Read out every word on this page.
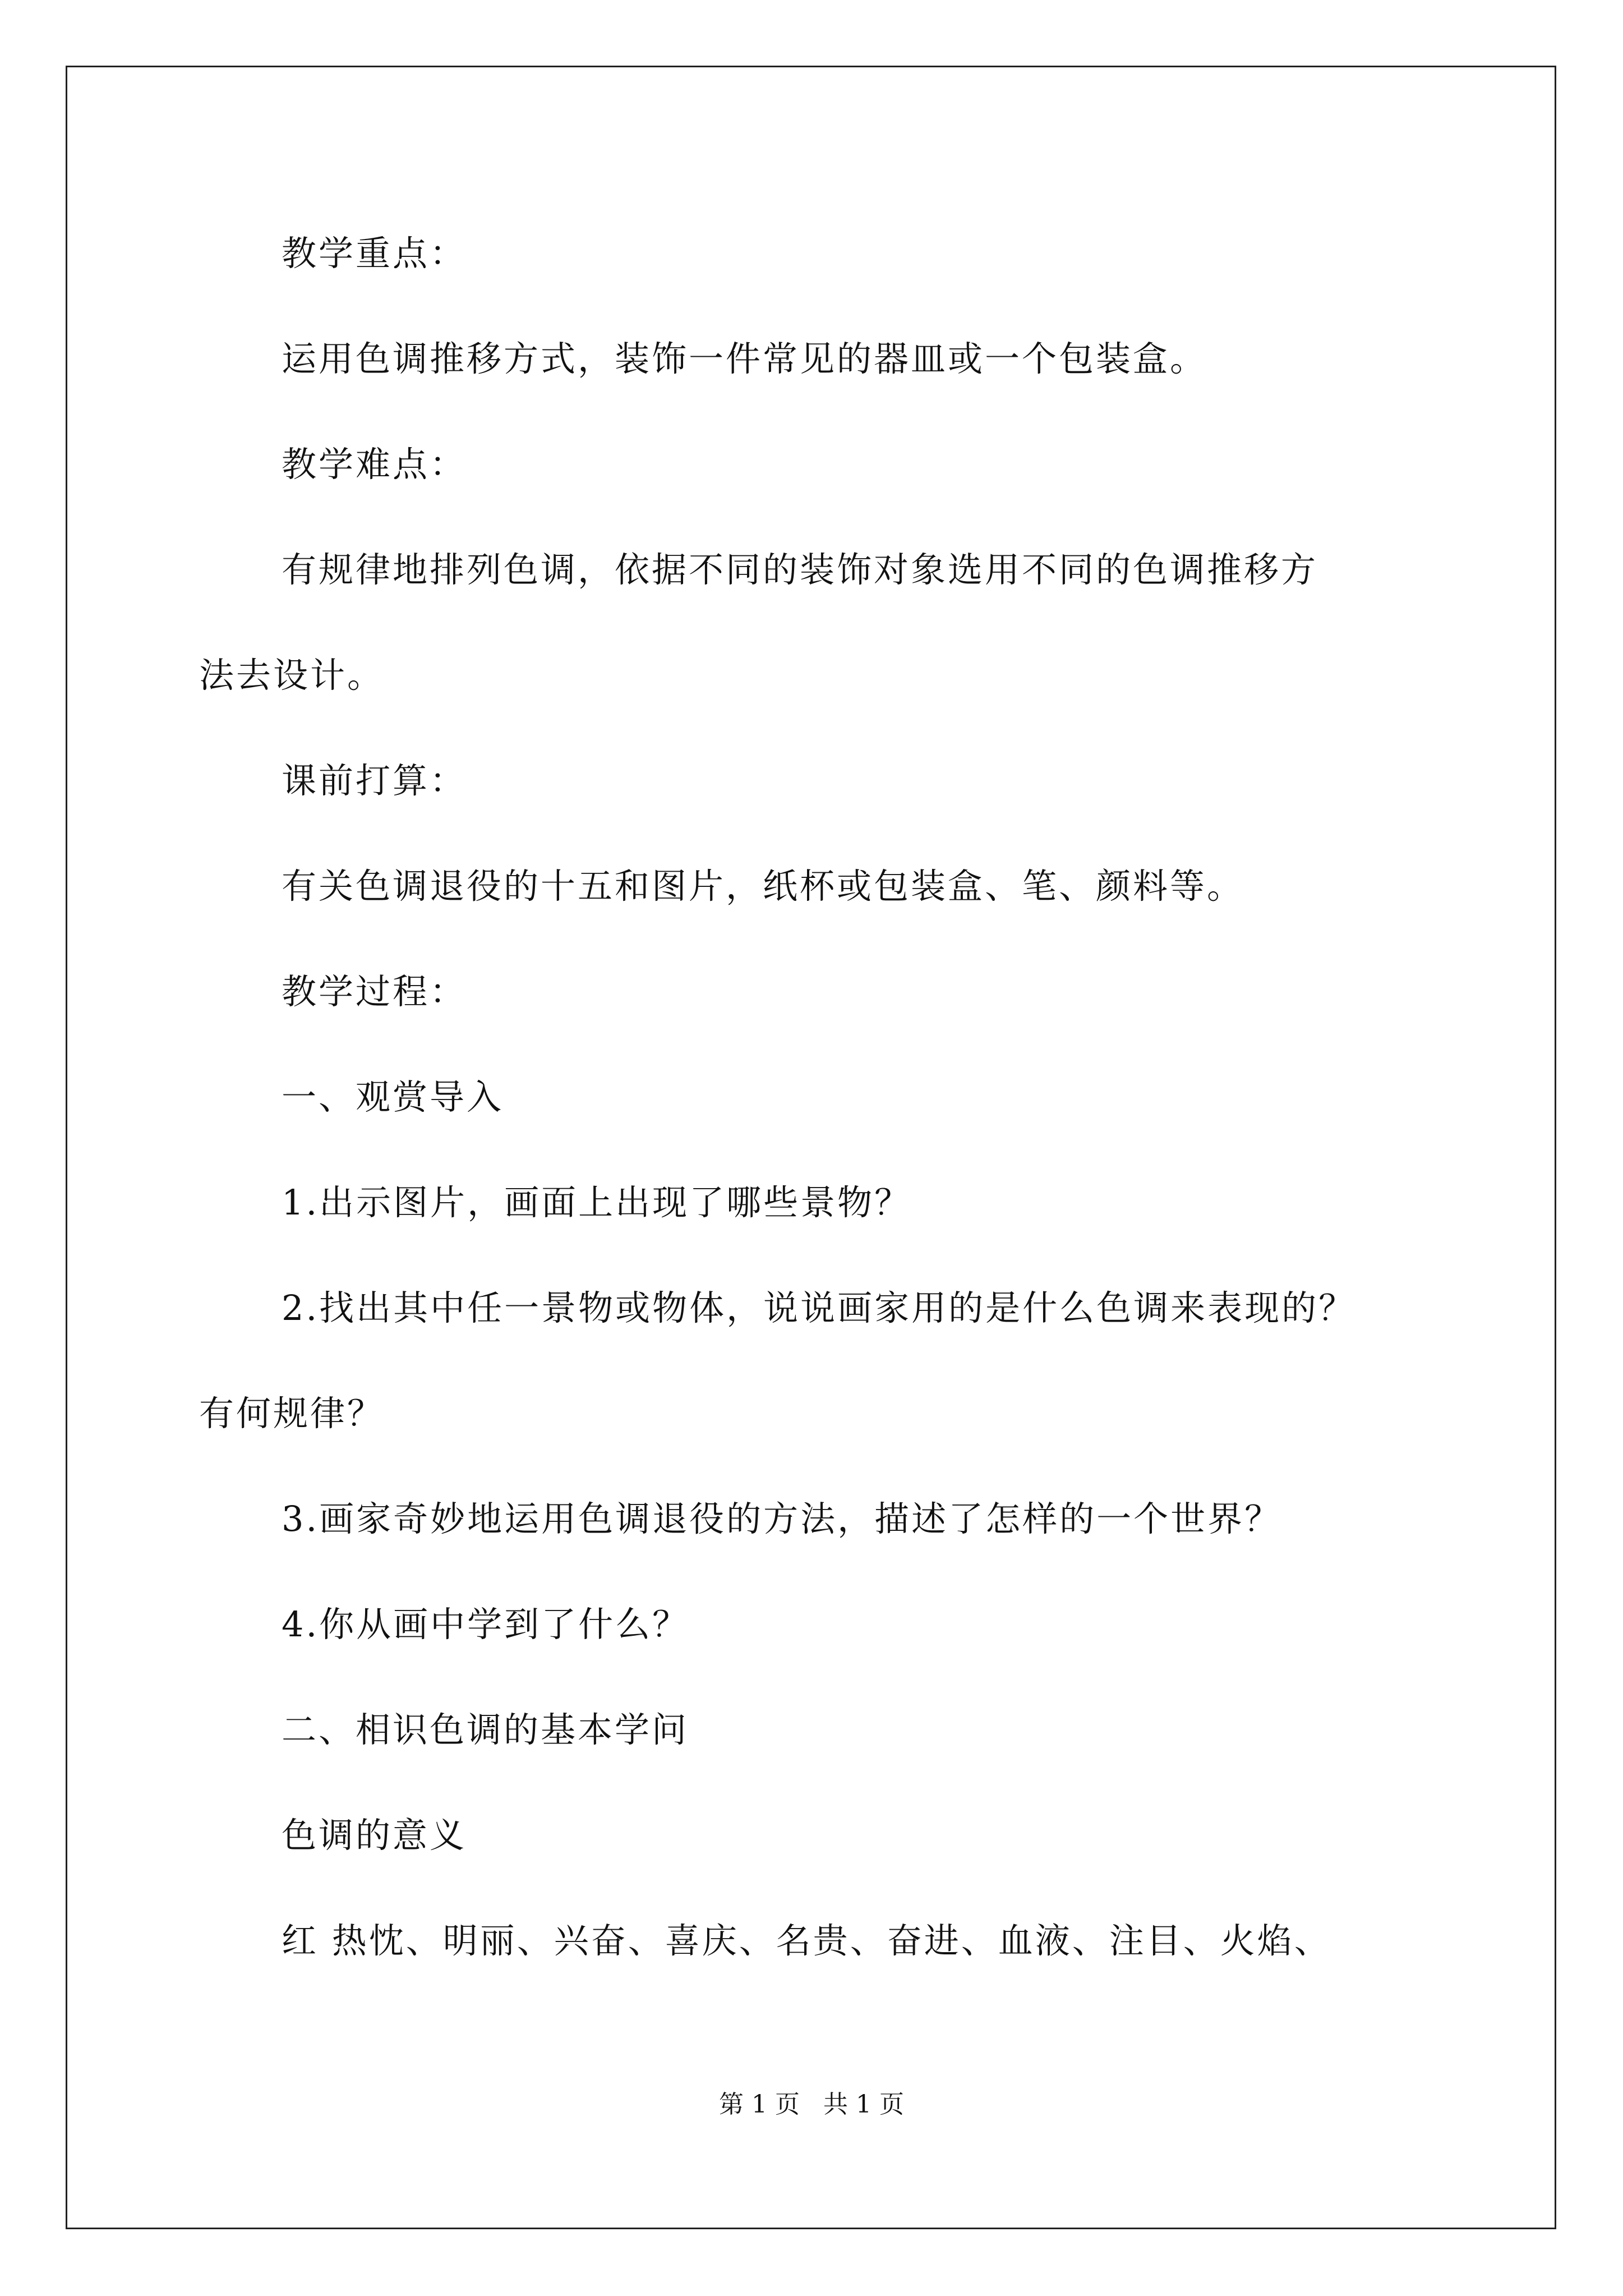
教学重点：
运用色调推移方式，装饰一件常见的器皿或一个包装盒。
教学难点：
有规律地排列色调，依据不同的装饰对象选用不同的色调推移方
法去设计。
课前打算：
有关色调退役的十五和图片，纸杯或包装盒、笔、颜料等。
教学过程：
一、观赏导入
1.出示图片，画面上出现了哪些景物？
2.找出其中任一景物或物体，说说画家用的是什么色调来表现的？
有何规律？
3.画家奇妙地运用色调退役的方法，描述了怎样的一个世界？
4.你从画中学到了什么？
二、相识色调的基本学问
色调的意义
红 热忱、明丽、兴奋、喜庆、名贵、奋进、血液、注目、火焰、
第 1 页 共 1 页
